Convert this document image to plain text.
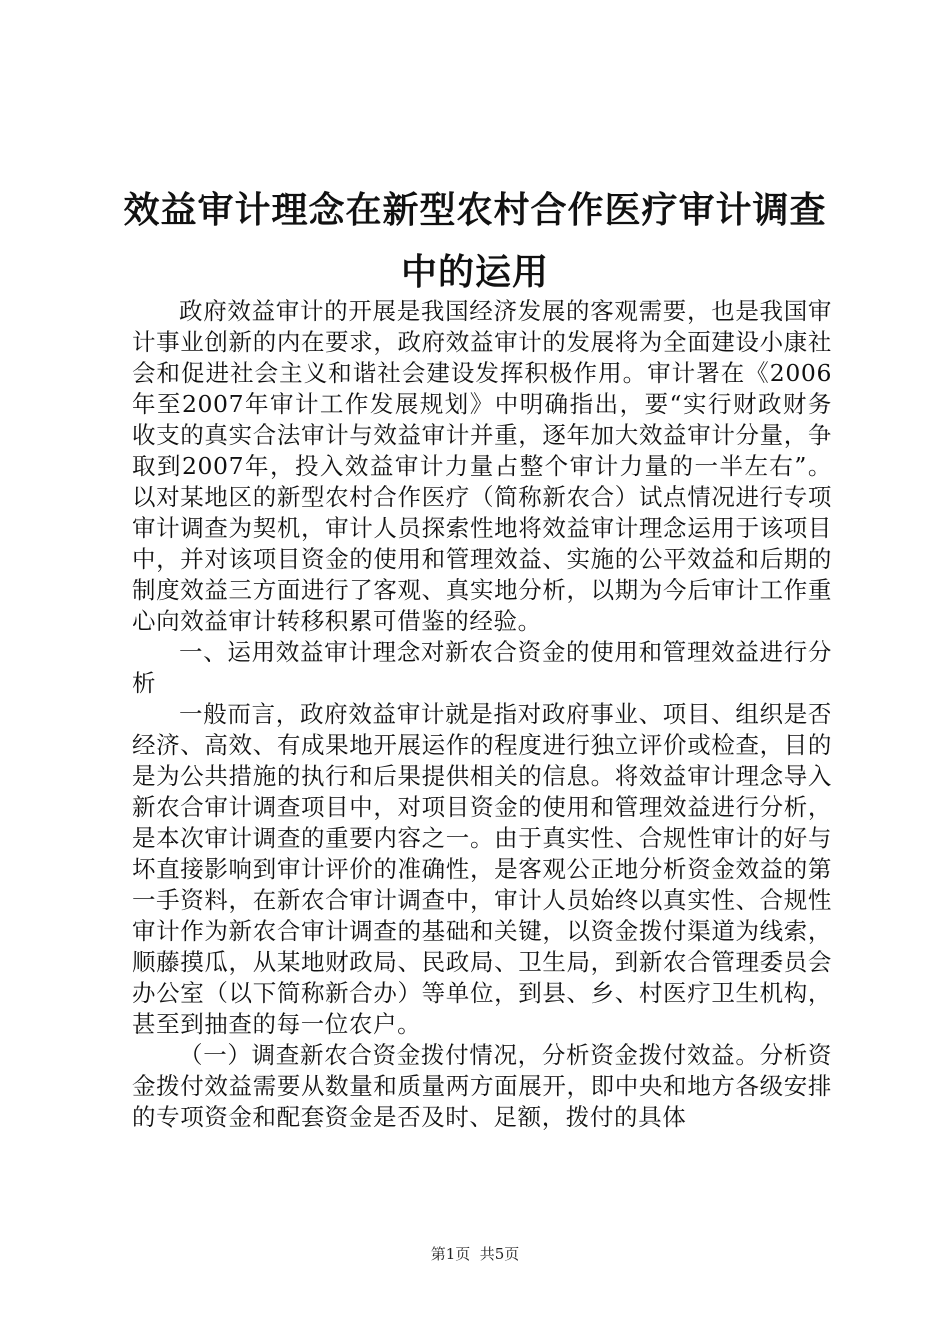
效益审计理念在新型农村合作医疗审计调查中的运用

政府效益审计的开展是我国经济发展的客观需要，也是我国审计事业创新的内在要求，政府效益审计的发展将为全面建设小康社会和促进社会主义和谐社会建设发挥积极作用。审计署在《2006年至2007年审计工作发展规划》中明确指出，要“实行财政财务收支的真实合法审计与效益审计并重，逐年加大效益审计分量，争取到2007年，投入效益审计力量占整个审计力量的一半左右”。以对某地区的新型农村合作医疗（简称新农合）试点情况进行专项审计调查为契机，审计人员探索性地将效益审计理念运用于该项目中，并对该项目资金的使用和管理效益、实施的公平效益和后期的制度效益三方面进行了客观、真实地分析，以期为今后审计工作重心向效益审计转移积累可借鉴的经验。

一、运用效益审计理念对新农合资金的使用和管理效益进行分析

一般而言，政府效益审计就是指对政府事业、项目、组织是否经济、高效、有成果地开展运作的程度进行独立评价或检查，目的是为公共措施的执行和后果提供相关的信息。将效益审计理念导入新农合审计调查项目中，对项目资金的使用和管理效益进行分析，是本次审计调查的重要内容之一。由于真实性、合规性审计的好与坏直接影响到审计评价的准确性，是客观公正地分析资金效益的第一手资料，在新农合审计调查中，审计人员始终以真实性、合规性审计作为新农合审计调查的基础和关键，以资金拨付渠道为线索，顺藤摸瓜，从某地财政局、民政局、卫生局，到新农合管理委员会办公室（以下简称新合办）等单位，到县、乡、村医疗卫生机构，甚至到抽查的每一位农户。

（一）调查新农合资金拨付情况，分析资金拨付效益。分析资金拨付效益需要从数量和质量两方面展开，即中央和地方各级安排的专项资金和配套资金是否及时、足额，拨付的具体

第1页  共5页
